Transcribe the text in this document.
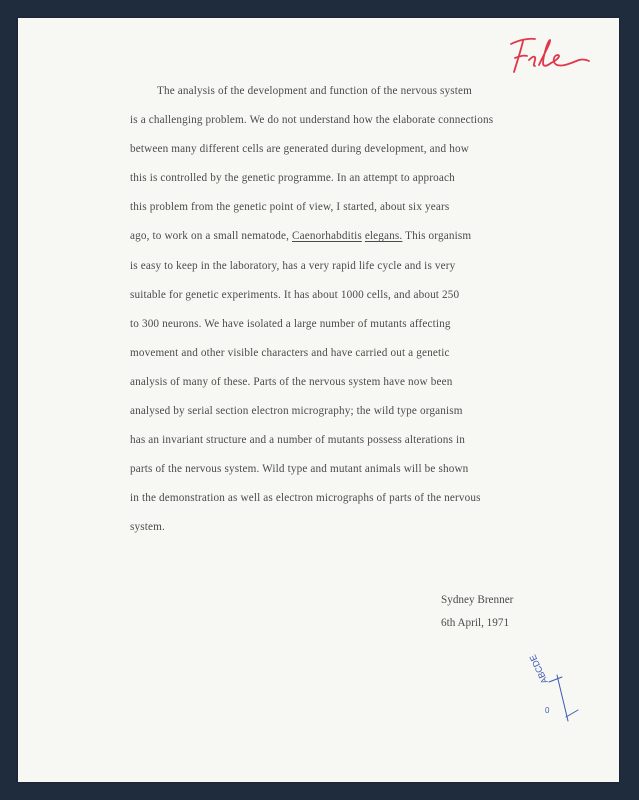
File
The analysis of the development and function of the nervous system
is a challenging problem. We do not understand how the elaborate connections
between many different cells are generated during development, and how
this is controlled by the genetic programme. In an attempt to approach
this problem from the genetic point of view, I started, about six years
ago, to work on a small nematode, Caenorhabditis elegans. This organism
is easy to keep in the laboratory, has a very rapid life cycle and is very
suitable for genetic experiments. It has about 1000 cells, and about 250
to 300 neurons. We have isolated a large number of mutants affecting
movement and other visible characters and have carried out a genetic
analysis of many of these. Parts of the nervous system have now been
analysed by serial section electron micrography; the wild type organism
has an invariant structure and a number of mutants possess alterations in
parts of the nervous system. Wild type and mutant animals will be shown
in the demonstration as well as electron micrographs of parts of the nervous
system.
Sydney Brenner
6th April, 1971
ABCDE
0
